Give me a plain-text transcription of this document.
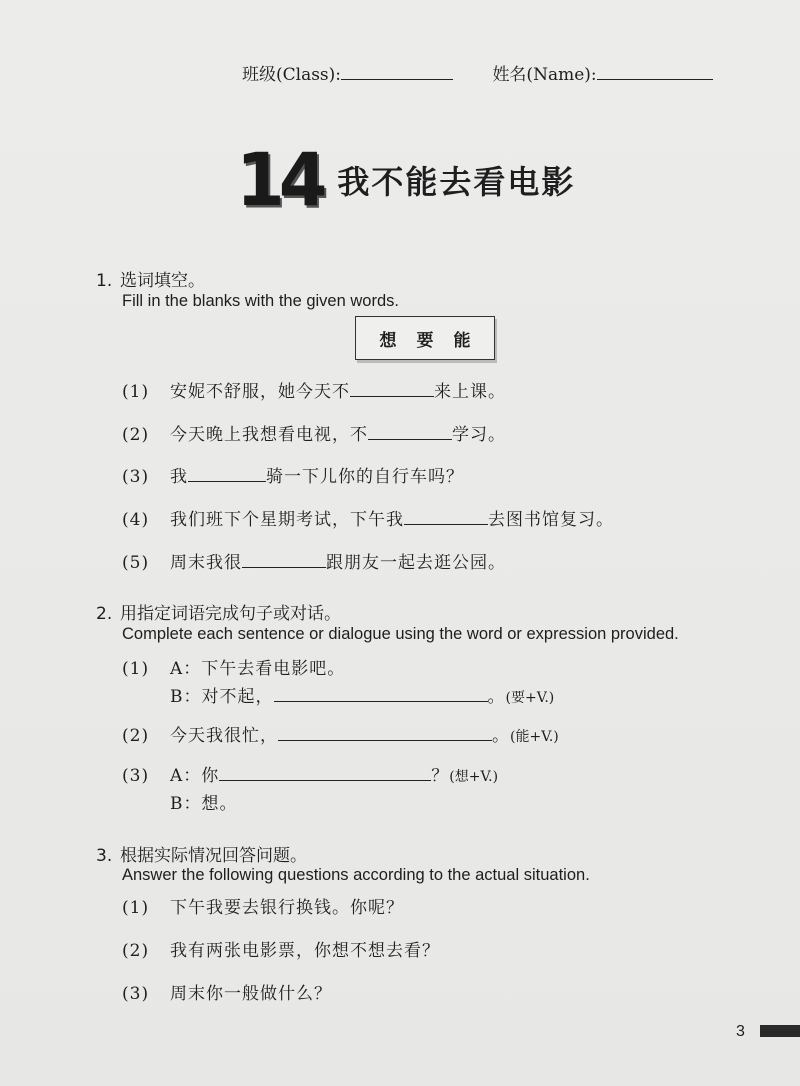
班级(Class):	姓名(Name):
14 我不能去看电影
1. 选词填空。
Fill in the blanks with the given words.
想 要 能
(1) 安妮不舒服，她今天不	来上课。
(2) 今天晚上我想看电视，不	学习。
(3) 我	骑一下儿你的自行车吗？
(4) 我们班下个星期考试，下午我	去图书馆复习。
(5) 周末我很	跟朋友一起去逛公园。
2. 用指定词语完成句子或对话。
Complete each sentence or dialogue using the word or expression provided.
(1) A：下午去看电影吧。
B：对不起，	。(要+V.)
(2) 今天我很忙，	。(能+V.)
(3) A：你	？(想+V.)
B：想。
3. 根据实际情况回答问题。
Answer the following questions according to the actual situation.
(1) 下午我要去银行换钱。你呢？
(2) 我有两张电影票，你想不想去看？
(3) 周末你一般做什么？
3
